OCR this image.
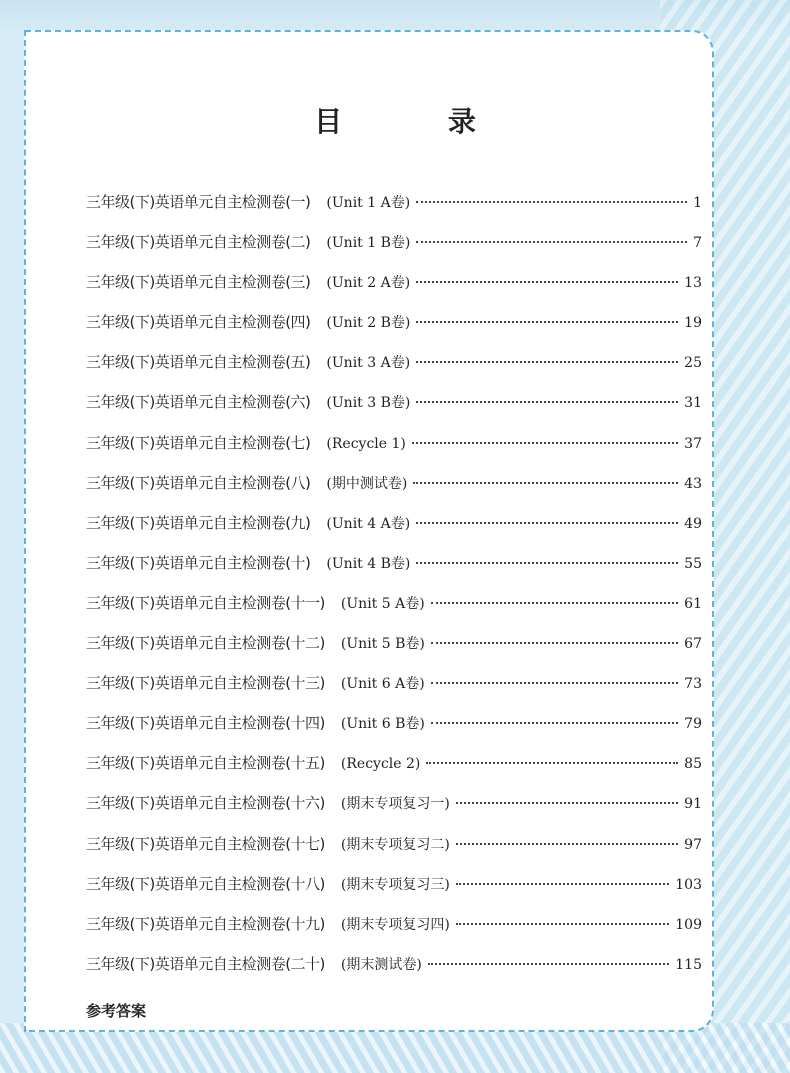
目 录
三年级(下)英语单元自主检测卷(一) (Unit 1 A卷)	1
三年级(下)英语单元自主检测卷(二) (Unit 1 B卷)	7
三年级(下)英语单元自主检测卷(三) (Unit 2 A卷)	13
三年级(下)英语单元自主检测卷(四) (Unit 2 B卷)	19
三年级(下)英语单元自主检测卷(五) (Unit 3 A卷)	25
三年级(下)英语单元自主检测卷(六) (Unit 3 B卷)	31
三年级(下)英语单元自主检测卷(七) (Recycle 1)	37
三年级(下)英语单元自主检测卷(八) (期中测试卷)	43
三年级(下)英语单元自主检测卷(九) (Unit 4 A卷)	49
三年级(下)英语单元自主检测卷(十) (Unit 4 B卷)	55
三年级(下)英语单元自主检测卷(十一) (Unit 5 A卷)	61
三年级(下)英语单元自主检测卷(十二) (Unit 5 B卷)	67
三年级(下)英语单元自主检测卷(十三) (Unit 6 A卷)	73
三年级(下)英语单元自主检测卷(十四) (Unit 6 B卷)	79
三年级(下)英语单元自主检测卷(十五) (Recycle 2)	85
三年级(下)英语单元自主检测卷(十六) (期末专项复习一)	91
三年级(下)英语单元自主检测卷(十七) (期末专项复习二)	97
三年级(下)英语单元自主检测卷(十八) (期末专项复习三)	103
三年级(下)英语单元自主检测卷(十九) (期末专项复习四)	109
三年级(下)英语单元自主检测卷(二十) (期末测试卷)	115
参考答案
